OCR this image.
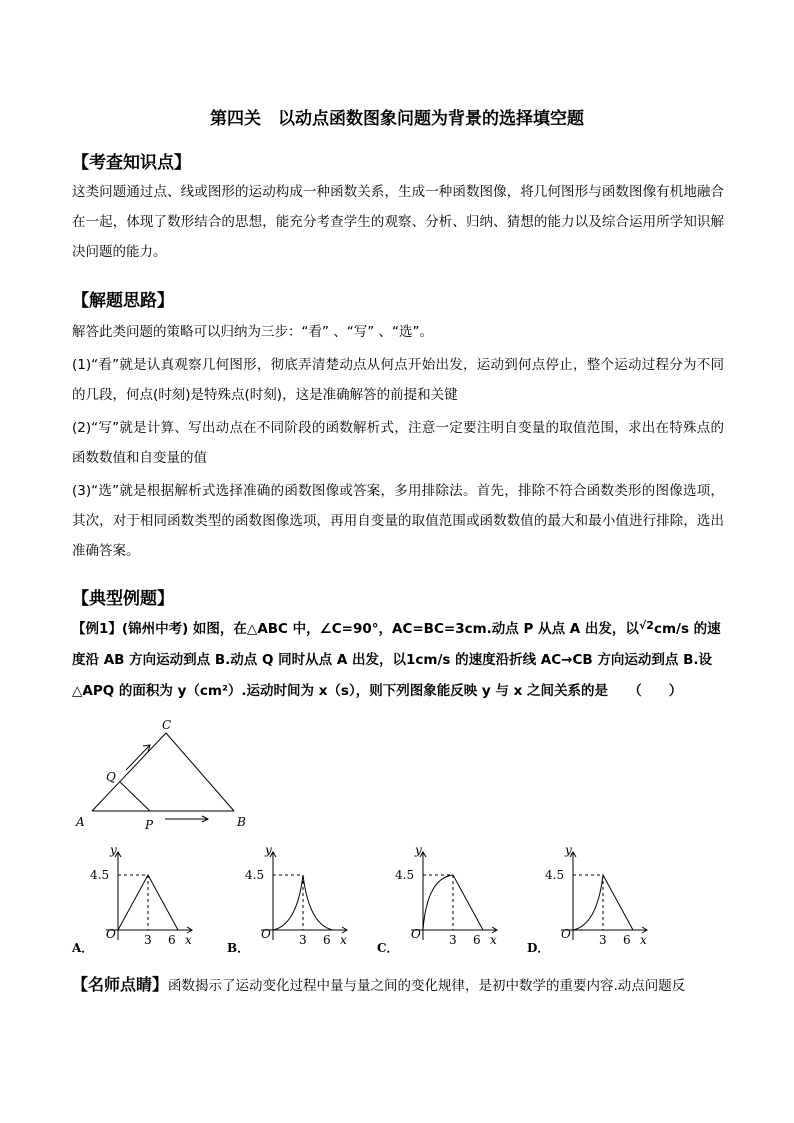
第四关　以动点函数图象问题为背景的选择填空题
【考查知识点】
这类问题通过点、线或图形的运动构成一种函数关系，生成一种函数图像，将几何图形与函数图像有机地融合在一起，体现了数形结合的思想，能充分考查学生的观察、分析、归纳、猜想的能力以及综合运用所学知识解决问题的能力。
【解题思路】
解答此类问题的策略可以归纳为三步：“看” 、“写” 、“选”。
(1)“看”就是认真观察几何图形，彻底弄清楚动点从何点开始出发，运动到何点停止，整个运动过程分为不同的几段，何点(时刻)是特殊点(时刻)，这是准确解答的前提和关键
(2)“写”就是计算、写出动点在不同阶段的函数解析式，注意一定要注明自变量的取值范围，求出在特殊点的函数数值和自变量的值
(3)“选”就是根据解析式选择准确的函数图像或答案，多用排除法。首先，排除不符合函数类形的图像选项，其次，对于相同函数类型的函数图像选项，再用自变量的取值范围或函数数值的最大和最小值进行排除，选出准确答案。
【典型例题】
【例1】(锦州中考) 如图，在△ABC 中，∠C=90°，AC=BC=3cm.动点 P 从点 A 出发，以√2cm/s 的速度沿 AB 方向运动到点 B.动点 Q 同时从点 A 出发，以1cm/s 的速度沿折线 AC→CB 方向运动到点 B.设△APQ 的面积为 y（cm²）.运动时间为 x（s），则下列图象能反映 y 与 x 之间关系的是　　（　　）
A	B
C
Q
P
y
4.5
O 3 6 x
A．
y
4.5
O 3 6 x
B．
y
4.5
O 3 6 x
C．
y
4.5
O 3 6 x
D．
【名师点睛】函数揭示了运动变化过程中量与量之间的变化规律，是初中数学的重要内容.动点问题反
